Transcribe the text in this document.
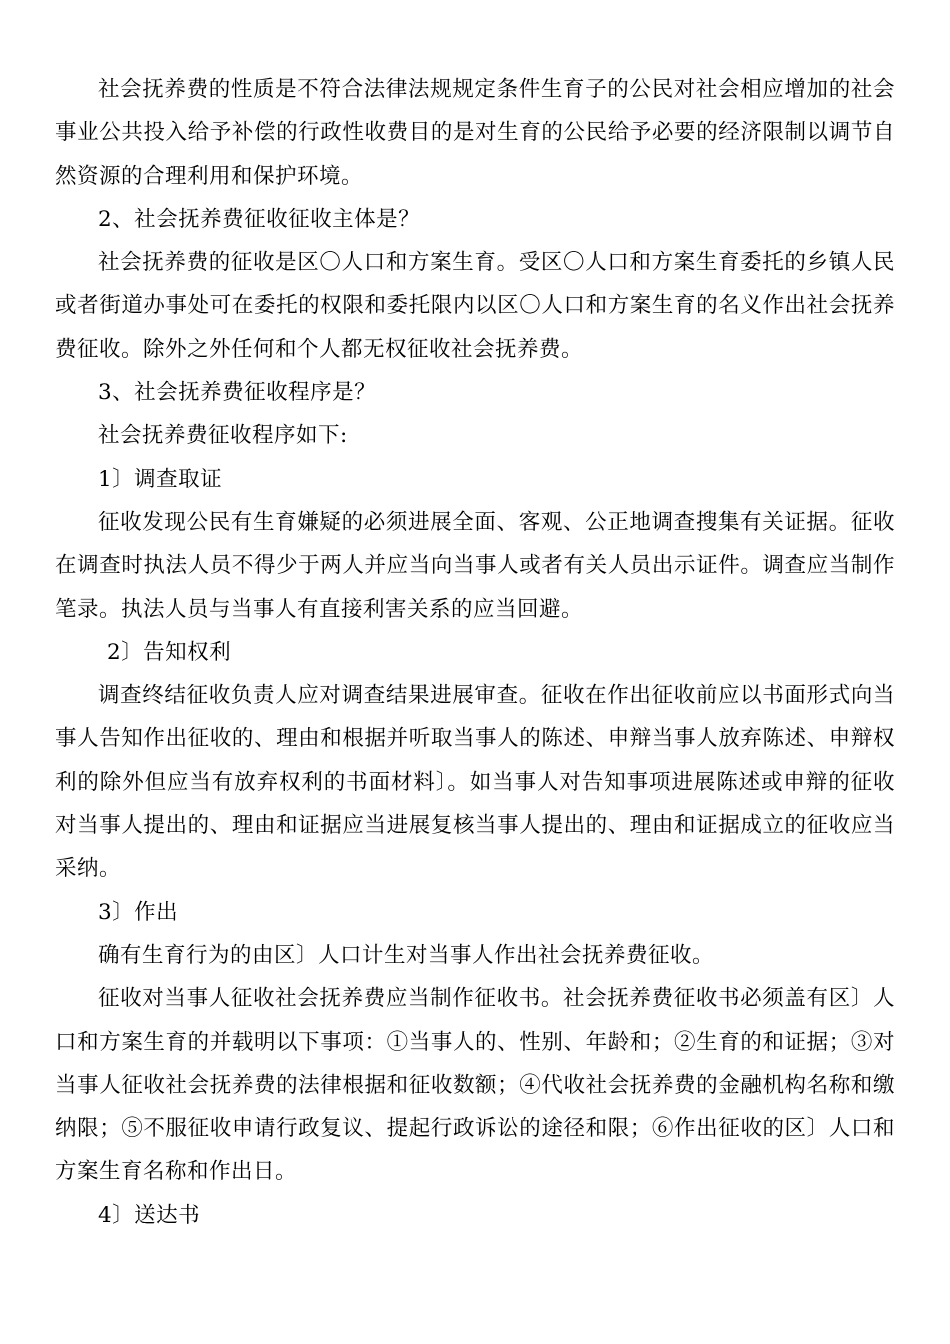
社会抚养费的性质是不符合法律法规规定条件生育子的公民对社会相应增加的社会事业公共投入给予补偿的行政性收费目的是对生育的公民给予必要的经济限制以调节自然资源的合理利用和保护环境。

2、社会抚养费征收征收主体是？

社会抚养费的征收是区〇人口和方案生育。受区〇人口和方案生育委托的乡镇人民或者街道办事处可在委托的权限和委托限内以区〇人口和方案生育的名义作出社会抚养费征收。除外之外任何和个人都无权征收社会抚养费。

3、社会抚养费征收程序是？

社会抚养费征收程序如下:

1〕调查取证

征收发现公民有生育嫌疑的必须进展全面、客观、公正地调查搜集有关证据。征收在调查时执法人员不得少于两人并应当向当事人或者有关人员出示证件。调查应当制作笔录。执法人员与当事人有直接利害关系的应当回避。

2〕告知权利

调查终结征收负责人应对调查结果进展审查。征收在作出征收前应以书面形式向当事人告知作出征收的、理由和根据并听取当事人的陈述、申辩当事人放弃陈述、申辩权利的除外但应当有放弃权利的书面材料〕。如当事人对告知事项进展陈述或申辩的征收对当事人提出的、理由和证据应当进展复核当事人提出的、理由和证据成立的征收应当采纳。

3〕作出

确有生育行为的由区〕人口计生对当事人作出社会抚养费征收。

征收对当事人征收社会抚养费应当制作征收书。社会抚养费征收书必须盖有区〕人口和方案生育的并载明以下事项：①当事人的、性别、年龄和；②生育的和证据；③对当事人征收社会抚养费的法律根据和征收数额；④代收社会抚养费的金融机构名称和缴纳限；⑤不服征收申请行政复议、提起行政诉讼的途径和限；⑥作出征收的区〕人口和方案生育名称和作出日。

4〕送达书
